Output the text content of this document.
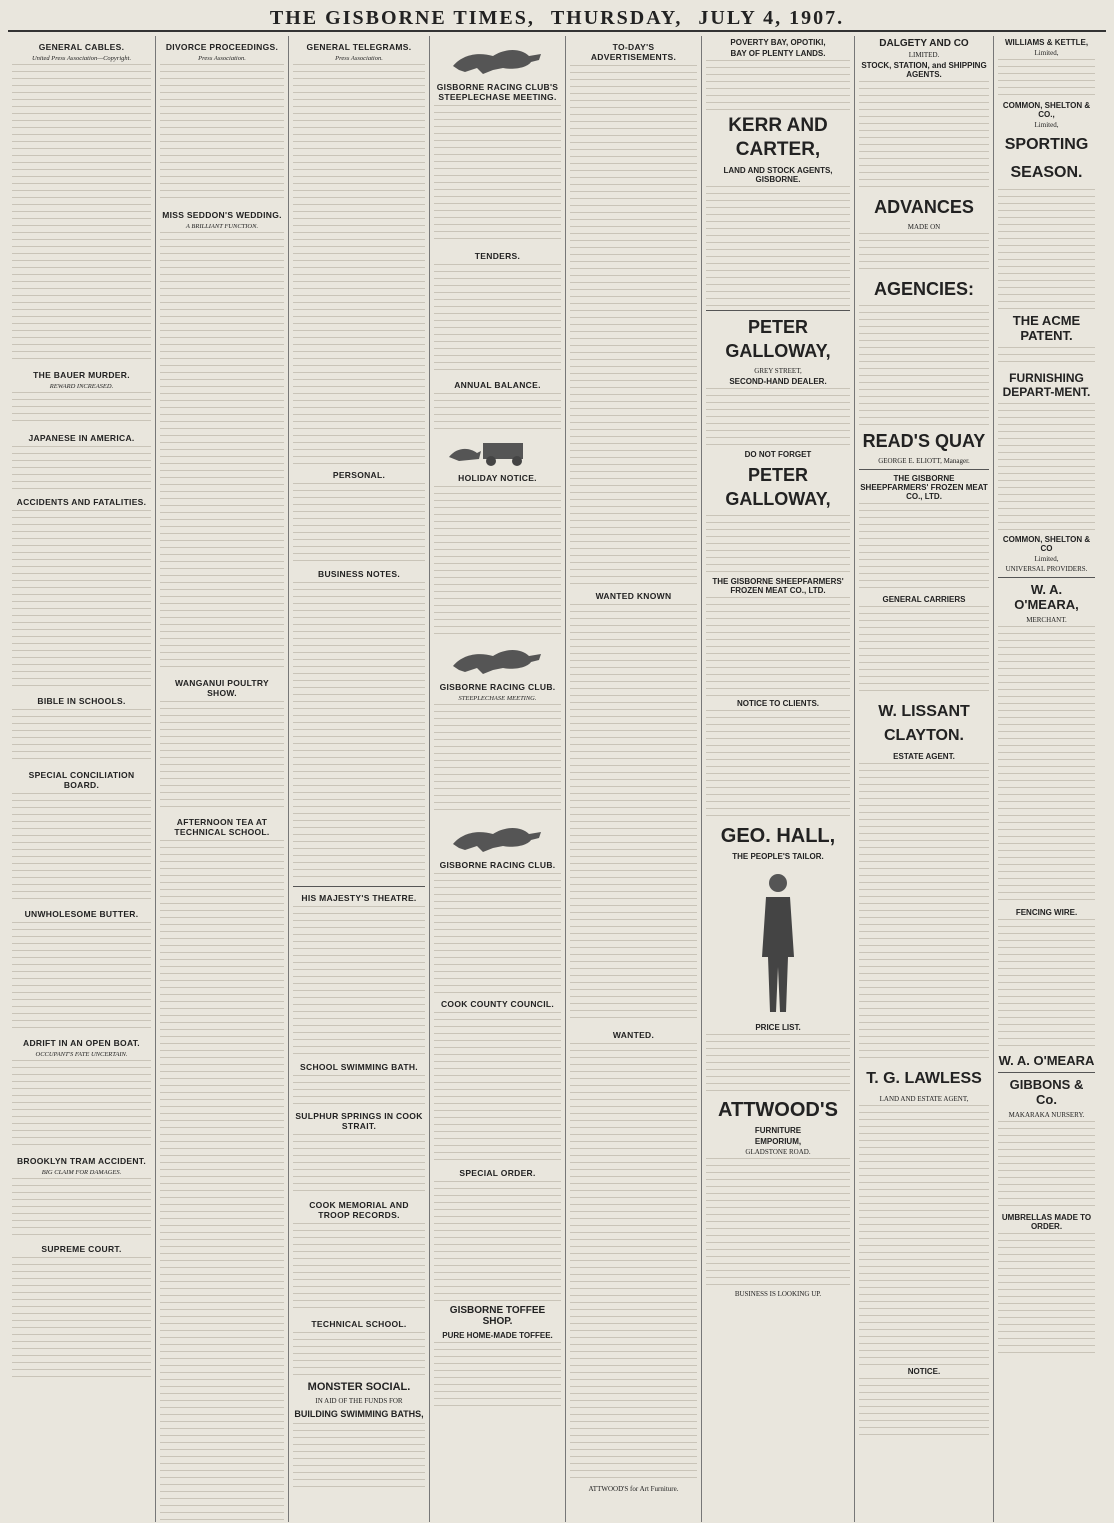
THE GISBORNE TIMES, THURSDAY, JULY 4, 1907.
GENERAL CABLES.
United Press Association—Copyright.
THE BAUER MURDER.
REWARD INCREASED.
JAPANESE IN AMERICA.
ACCIDENTS AND FATALITIES.
BIBLE IN SCHOOLS.
SPECIAL CONCILIATION BOARD.
UNWHOLESOME BUTTER.
ADRIFT IN AN OPEN BOAT.
OCCUPANT'S FATE UNCERTAIN.
BROOKLYN TRAM ACCIDENT.
BIG CLAIM FOR DAMAGES.
SUPREME COURT.
DIVORCE PROCEEDINGS.
Press Association.
MISS SEDDON'S WEDDING.
A BRILLIANT FUNCTION.
WANGANUI POULTRY SHOW.
AFTERNOON TEA AT TECHNICAL SCHOOL.
GENERAL TELEGRAMS.
Press Association.
PERSONAL.
BUSINESS NOTES.
HIS MAJESTY'S THEATRE.
SCHOOL SWIMMING BATH.
SULPHUR SPRINGS IN COOK STRAIT.
COOK MEMORIAL AND TROOP RECORDS.
TECHNICAL SCHOOL.
MONSTER SOCIAL.
IN AID OF THE FUNDS FOR
BUILDING SWIMMING BATHS,
GISBORNE RACING CLUB'S STEEPLECHASE MEETING.
TENDERS.
ANNUAL BALANCE.
HOLIDAY NOTICE.
GISBORNE RACING CLUB.
STEEPLECHASE MEETING.
GISBORNE RACING CLUB.
COOK COUNTY COUNCIL.
SPECIAL ORDER.
GISBORNE TOFFEE SHOP.
PURE HOME-MADE TOFFEE.
TO-DAY'S ADVERTISEMENTS.
WANTED KNOWN
WANTED.
ATTWOOD'S for Art Furniture.
POVERTY BAY, OPOTIKI,
BAY OF PLENTY LANDS.
KERR AND CARTER,
LAND AND STOCK AGENTS, GISBORNE.
PETER GALLOWAY,
GREY STREET,
SECOND-HAND DEALER.
DO NOT FORGET
PETER GALLOWAY,
THE GISBORNE SHEEPFARMERS' FROZEN MEAT CO., LTD.
NOTICE TO CLIENTS.
GEO. HALL,
THE PEOPLE'S TAILOR.
PRICE LIST.
ATTWOOD'S
FURNITURE
EMPORIUM,
GLADSTONE ROAD.
BUSINESS IS LOOKING UP.
DALGETY AND CO
LIMITED.
STOCK, STATION, and SHIPPING AGENTS.
ADVANCES
MADE ON
AGENCIES:
READ'S QUAY
GEORGE E. ELIOTT, Manager.
THE GISBORNE SHEEPFARMERS' FROZEN MEAT CO., LTD.
GENERAL CARRIERS
W. LISSANT CLAYTON.
ESTATE AGENT.
T. G. LAWLESS
LAND AND ESTATE AGENT,
NOTICE.
WILLIAMS & KETTLE,
Limited,
COMMON, SHELTON & CO.,
Limited,
SPORTING
SEASON.
THE ACME PATENT.
FURNISHING DEPART-MENT.
COMMON, SHELTON & CO
Limited,
UNIVERSAL PROVIDERS.
W. A. O'MEARA,
MERCHANT.
FENCING WIRE.
W. A. O'MEARA
GIBBONS & Co.
MAKARAKA NURSERY.
UMBRELLAS MADE TO ORDER.
